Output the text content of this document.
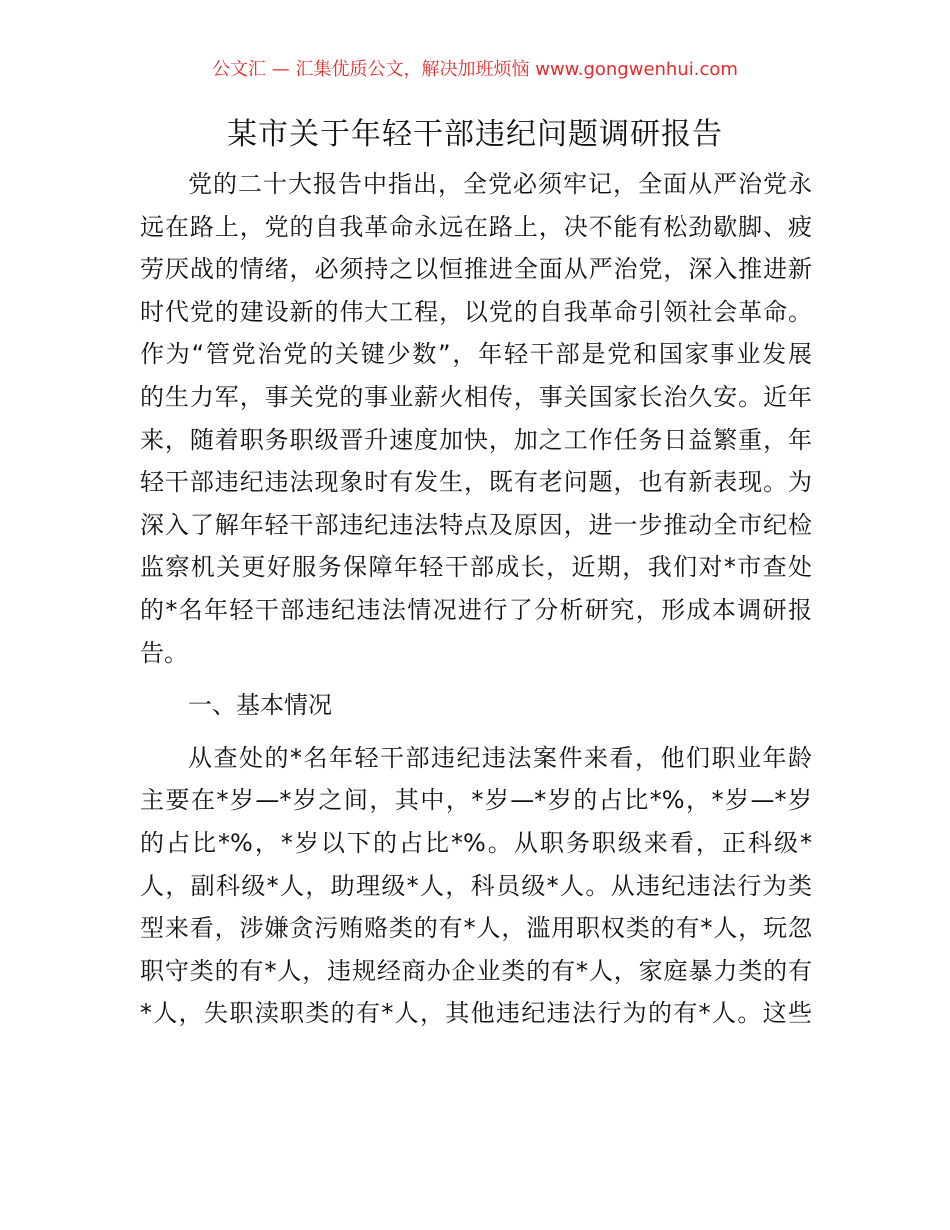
公文汇 — 汇集优质公文，解决加班烦恼 www.gongwenhui.com
某市关于年轻干部违纪问题调研报告
党的二十大报告中指出，全党必须牢记，全面从严治党永
远在路上，党的自我革命永远在路上，决不能有松劲歇脚、疲
劳厌战的情绪，必须持之以恒推进全面从严治党，深入推进新
时代党的建设新的伟大工程，以党的自我革命引领社会革命。
作为“管党治党的关键少数”，年轻干部是党和国家事业发展
的生力军，事关党的事业薪火相传，事关国家长治久安。近年
来，随着职务职级晋升速度加快，加之工作任务日益繁重，年
轻干部违纪违法现象时有发生，既有老问题，也有新表现。为
深入了解年轻干部违纪违法特点及原因，进一步推动全市纪检
监察机关更好服务保障年轻干部成长，近期，我们对*市查处
的*名年轻干部违纪违法情况进行了分析研究，形成本调研报
告。
一、基本情况
从查处的*名年轻干部违纪违法案件来看，他们职业年龄
主要在*岁—*岁之间，其中，*岁—*岁的占比*%，*岁—*岁
的占比*%，*岁以下的占比*%。从职务职级来看，正科级*
人，副科级*人，助理级*人，科员级*人。从违纪违法行为类
型来看，涉嫌贪污贿赂类的有*人，滥用职权类的有*人，玩忽
职守类的有*人，违规经商办企业类的有*人，家庭暴力类的有
*人，失职渎职类的有*人，其他违纪违法行为的有*人。这些
